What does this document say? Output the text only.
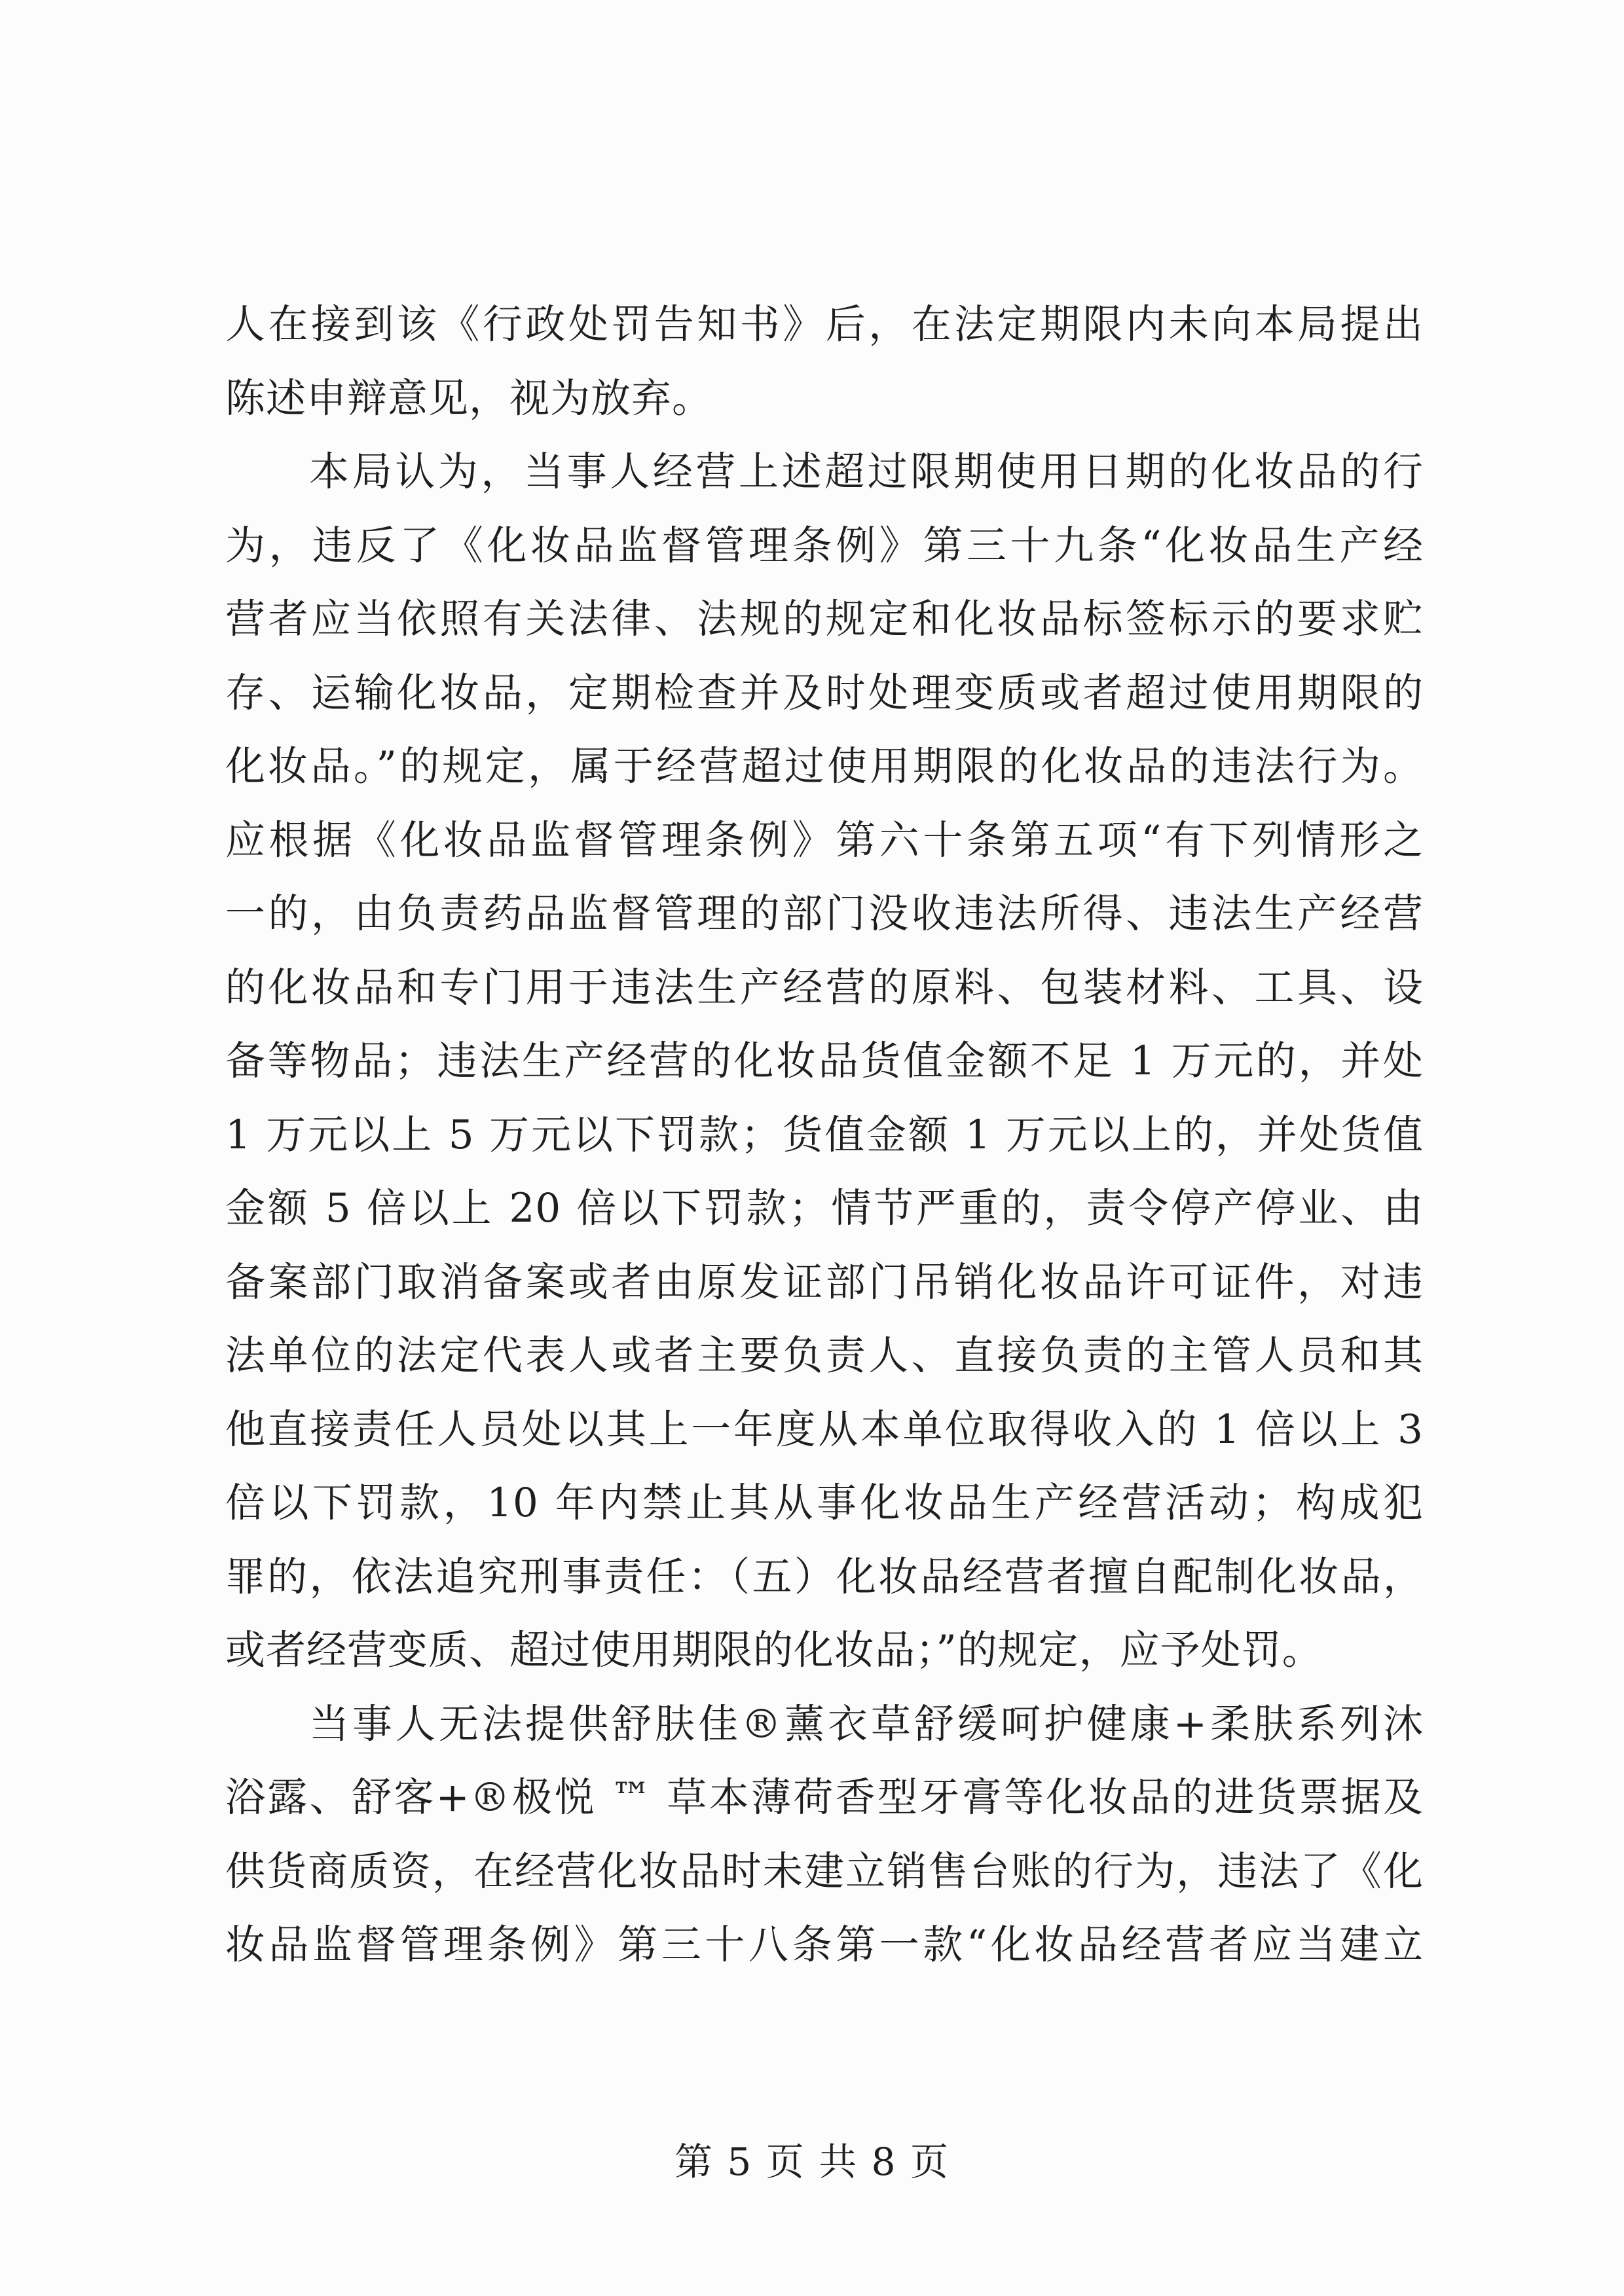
人在接到该《行政处罚告知书》后，在法定期限内未向本局提出
陈述申辩意见，视为放弃。
本局认为，当事人经营上述超过限期使用日期的化妆品的行
为，违反了《化妆品监督管理条例》第三十九条“化妆品生产经
营者应当依照有关法律、法规的规定和化妆品标签标示的要求贮
存、运输化妆品，定期检查并及时处理变质或者超过使用期限的
化妆品。”的规定，属于经营超过使用期限的化妆品的违法行为。
应根据《化妆品监督管理条例》第六十条第五项“有下列情形之
一的，由负责药品监督管理的部门没收违法所得、违法生产经营
的化妆品和专门用于违法生产经营的原料、包装材料、工具、设
备等物品；违法生产经营的化妆品货值金额不足 1 万元的，并处
1 万元以上 5 万元以下罚款；货值金额 1 万元以上的，并处货值
金额 5 倍以上 20 倍以下罚款；情节严重的，责令停产停业、由
备案部门取消备案或者由原发证部门吊销化妆品许可证件，对违
法单位的法定代表人或者主要负责人、直接负责的主管人员和其
他直接责任人员处以其上一年度从本单位取得收入的 1 倍以上 3
倍以下罚款，10 年内禁止其从事化妆品生产经营活动；构成犯
罪的，依法追究刑事责任：（五）化妆品经营者擅自配制化妆品，
或者经营变质、超过使用期限的化妆品；”的规定，应予处罚。
当事人无法提供舒肤佳®薰衣草舒缓呵护健康+柔肤系列沐
浴露、舒客+®极悦 ™ 草本薄荷香型牙膏等化妆品的进货票据及
供货商质资，在经营化妆品时未建立销售台账的行为，违法了《化
妆品监督管理条例》第三十八条第一款“化妆品经营者应当建立
第 5 页 共 8 页
